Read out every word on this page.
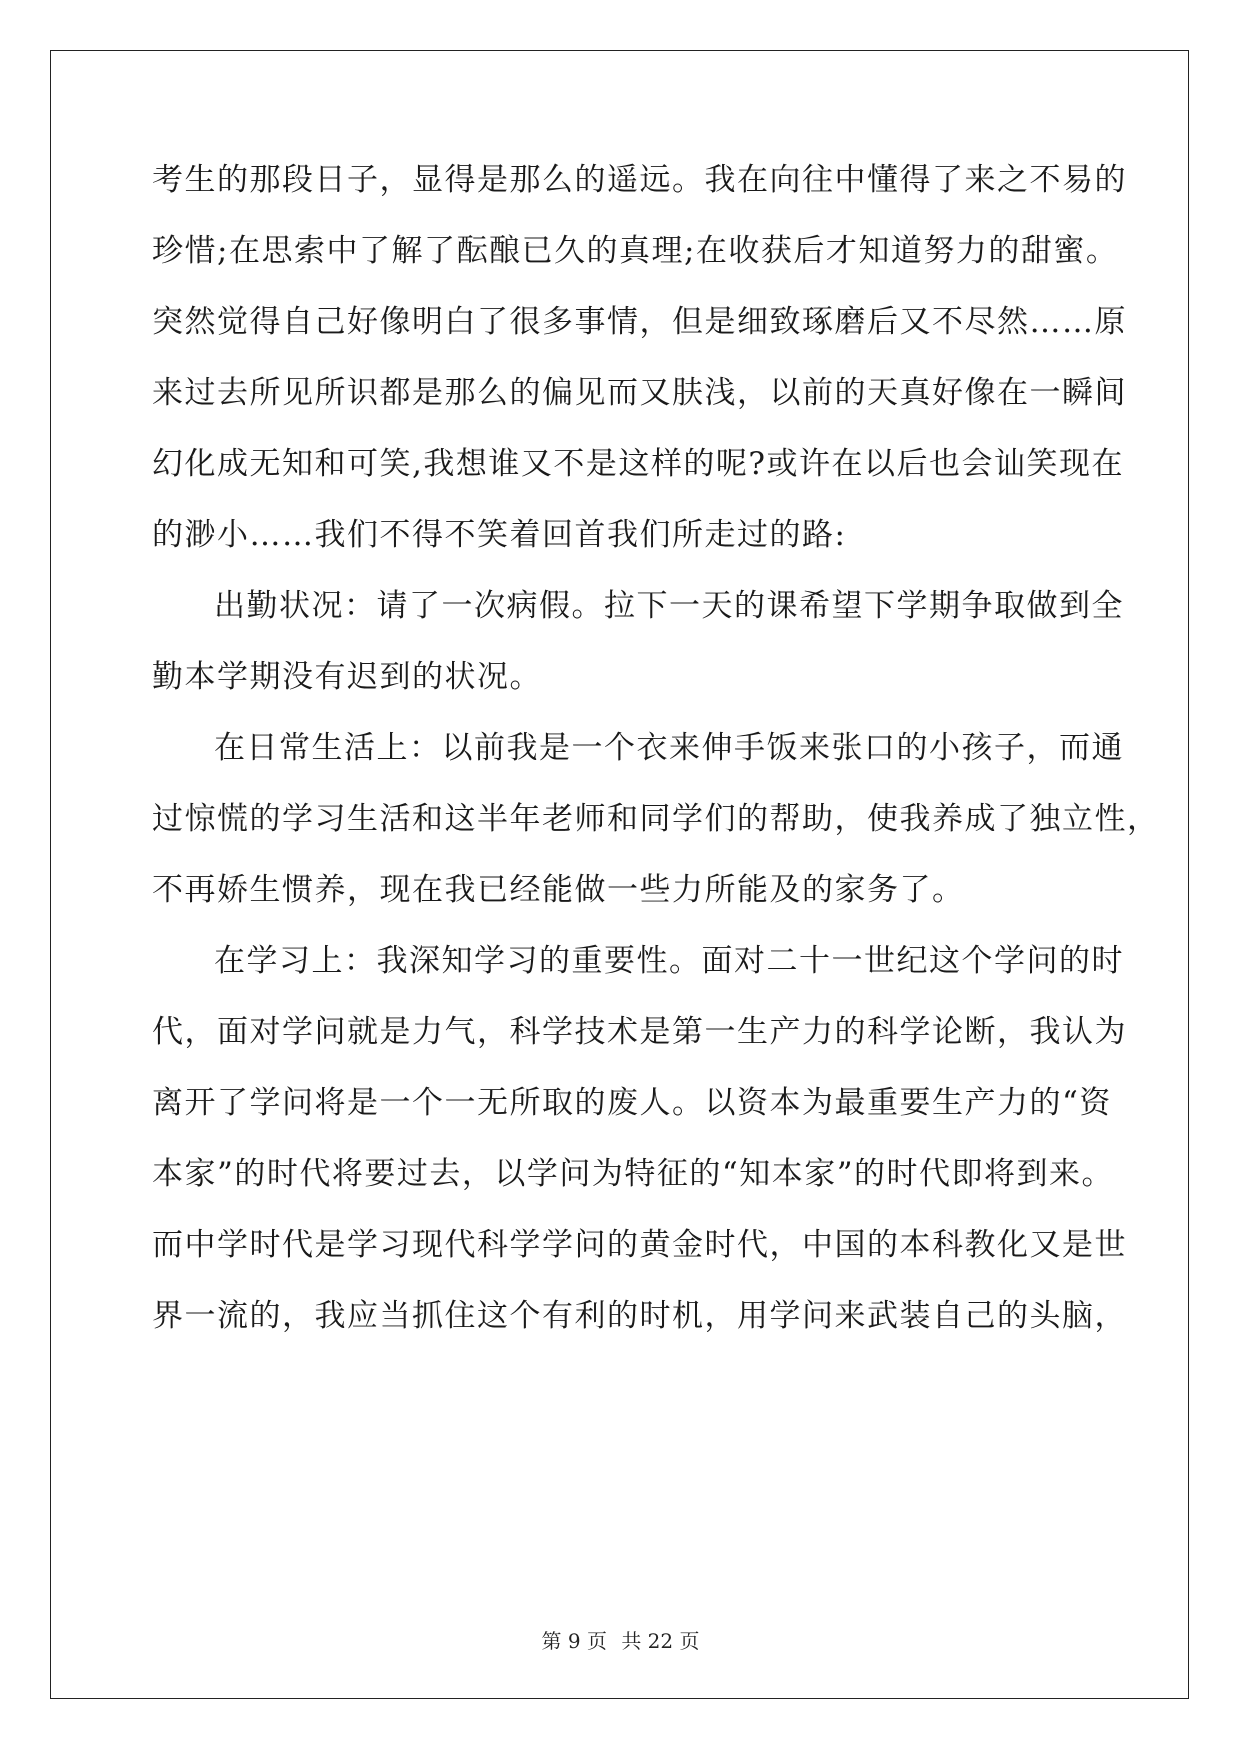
考生的那段日子，显得是那么的遥远。我在向往中懂得了来之不易的
珍惜;在思索中了解了酝酿已久的真理;在收获后才知道努力的甜蜜。
突然觉得自己好像明白了很多事情，但是细致琢磨后又不尽然……原
来过去所见所识都是那么的偏见而又肤浅，以前的天真好像在一瞬间
幻化成无知和可笑,我想谁又不是这样的呢?或许在以后也会讪笑现在
的渺小……我们不得不笑着回首我们所走过的路:
出勤状况：请了一次病假。拉下一天的课希望下学期争取做到全
勤本学期没有迟到的状况。
在日常生活上：以前我是一个衣来伸手饭来张口的小孩子，而通
过惊慌的学习生活和这半年老师和同学们的帮助，使我养成了独立性，
不再娇生惯养，现在我已经能做一些力所能及的家务了。
在学习上：我深知学习的重要性。面对二十一世纪这个学问的时
代，面对学问就是力气，科学技术是第一生产力的科学论断，我认为
离开了学问将是一个一无所取的废人。以资本为最重要生产力的“资
本家”的时代将要过去，以学问为特征的“知本家”的时代即将到来。
而中学时代是学习现代科学学问的黄金时代，中国的本科教化又是世
界一流的，我应当抓住这个有利的时机，用学问来武装自己的头脑，
第 9 页 共 22 页
